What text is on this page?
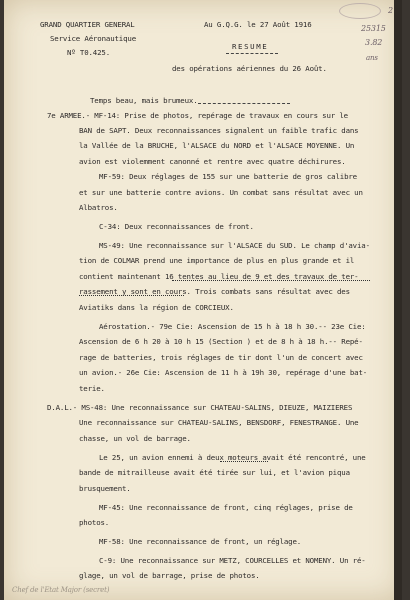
GRAND QUARTIER GENERAL
Service Aéronautique
Nº T0.425.
Au G.Q.G. le 27 Août 1916
RESUME
des opérations aériennes du 26 Août.
2
25315
3.82
ans
Temps beau, mais brumeux.
7e ARMEE.- MF-14: Prise de photos, repérage de travaux en cours sur le
BAN de SAPT. Deux reconnaissances signalent un faible trafic dans
la Vallée de la BRUCHE, l'ALSACE du NORD et l'ALSACE MOYENNE. Un
avion est violemment canonné et rentre avec quatre déchirures.
MF-59: Deux réglages de 155 sur une batterie de gros calibre
et sur une batterie contre avions. Un combat sans résultat avec un
Albatros.
C-34: Deux reconnaissances de front.
MS-49: Une reconnaissance sur l'ALSACE du SUD. Le champ d'avia-
tion de COLMAR prend une importance de plus en plus grande et il
contient maintenant 16 tentes au lieu de 9 et des travaux de ter-
rassement y sont en cours. Trois combats sans résultat avec des
Aviatiks dans la région de CORCIEUX.
Aérostation.- 79e Cie: Ascension de 15 h à 18 h 30.-- 23e Cie:
Ascension de 6 h 20 à 10 h 15 (Section ) et de 8 h à 18 h.-- Repé-
rage de batteries, trois réglages de tir dont l'un de concert avec
un avion.- 26e Cie: Ascension de 11 h à 19h 30, repérage d'une bat-
terie.
D.A.L.- MS-48: Une reconnaissance sur CHATEAU-SALINS, DIEUZE, MAIZIERES
Une reconnaissance sur CHATEAU-SALINS, BENSDORF, FENESTRANGE. Une
chasse, un vol de barrage.
Le 25, un avion ennemi à deux moteurs avait été rencontré, une
bande de mitrailleuse avait été tirée sur lui, et l'avion piqua
brusquement.
MF-45: Une reconnaissance de front, cinq réglages, prise de
photos.
MF-58: Une reconnaissance de front, un réglage.
C-9: Une reconnaissance sur METZ, COURCELLES et NOMENY. Un ré-
glage, un vol de barrage, prise de photos.
Chef de l'Etat Major (secret)
